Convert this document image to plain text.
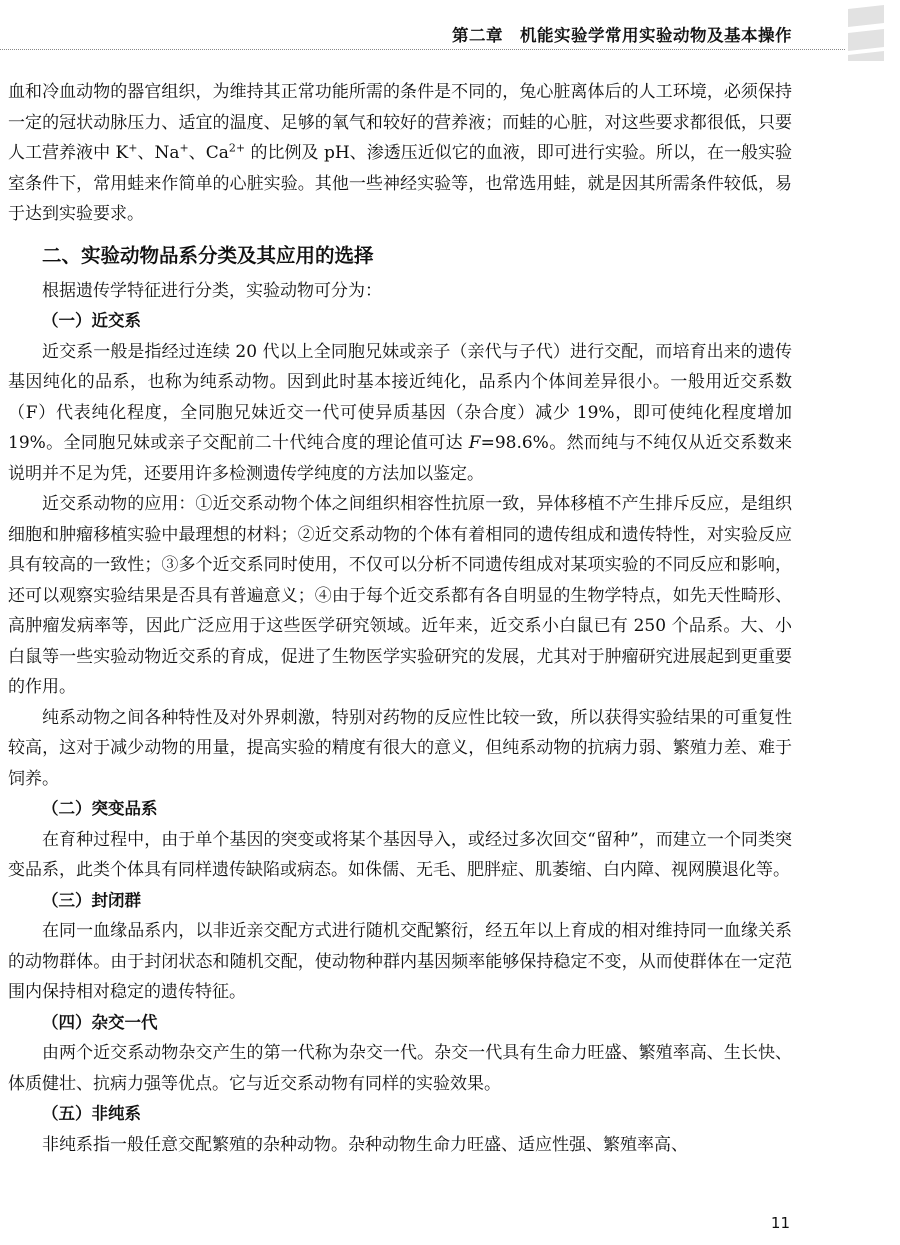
第二章　机能实验学常用实验动物及基本操作

血和冷血动物的器官组织，为维持其正常功能所需的条件是不同的，兔心脏离体后的人工环境，必须保持一定的冠状动脉压力、适宜的温度、足够的氧气和较好的营养液；而蛙的心脏，对这些要求都很低，只要人工营养液中 K+、Na+、$Ca^{2+}$ 的比例及 pH、渗透压近似它的血液，即可进行实验。所以，在一般实验室条件下，常用蛙来作简单的心脏实验。其他一些神经实验等，也常选用蛙，就是因其所需条件较低，易于达到实验要求。

二、实验动物品系分类及其应用的选择

根据遗传学特征进行分类，实验动物可分为：

（一）近交系

近交系一般是指经过连续 20 代以上全同胞兄妹或亲子（亲代与子代）进行交配，而培育出来的遗传基因纯化的品系，也称为纯系动物。因到此时基本接近纯化，品系内个体间差异很小。一般用近交系数（F）代表纯化程度，全同胞兄妹近交一代可使异质基因（杂合度）减少 19%，即可使纯化程度增加 19%。全同胞兄妹或亲子交配前二十代纯合度的理论值可达 F=98.6%。然而纯与不纯仅从近交系数来说明并不足为凭，还要用许多检测遗传学纯度的方法加以鉴定。

近交系动物的应用：①近交系动物个体之间组织相容性抗原一致，异体移植不产生排斥反应，是组织细胞和肿瘤移植实验中最理想的材料；②近交系动物的个体有着相同的遗传组成和遗传特性，对实验反应具有较高的一致性；③多个近交系同时使用，不仅可以分析不同遗传组成对某项实验的不同反应和影响，还可以观察实验结果是否具有普遍意义；④由于每个近交系都有各自明显的生物学特点，如先天性畸形、高肿瘤发病率等，因此广泛应用于这些医学研究领域。近年来，近交系小白鼠已有 250 个品系。大、小白鼠等一些实验动物近交系的育成，促进了生物医学实验研究的发展，尤其对于肿瘤研究进展起到更重要的作用。

纯系动物之间各种特性及对外界刺激，特别对药物的反应性比较一致，所以获得实验结果的可重复性较高，这对于减少动物的用量，提高实验的精度有很大的意义，但纯系动物的抗病力弱、繁殖力差、难于饲养。

（二）突变品系

在育种过程中，由于单个基因的突变或将某个基因导入，或经过多次回交“留种”，而建立一个同类突变品系，此类个体具有同样遗传缺陷或病态。如侏儒、无毛、肥胖症、肌萎缩、白内障、视网膜退化等。

（三）封闭群

在同一血缘品系内，以非近亲交配方式进行随机交配繁衍，经五年以上育成的相对维持同一血缘关系的动物群体。由于封闭状态和随机交配，使动物种群内基因频率能够保持稳定不变，从而使群体在一定范围内保持相对稳定的遗传特征。

（四）杂交一代

由两个近交系动物杂交产生的第一代称为杂交一代。杂交一代具有生命力旺盛、繁殖率高、生长快、体质健壮、抗病力强等优点。它与近交系动物有同样的实验效果。

（五）非纯系

非纯系指一般任意交配繁殖的杂种动物。杂种动物生命力旺盛、适应性强、繁殖率高、

11
